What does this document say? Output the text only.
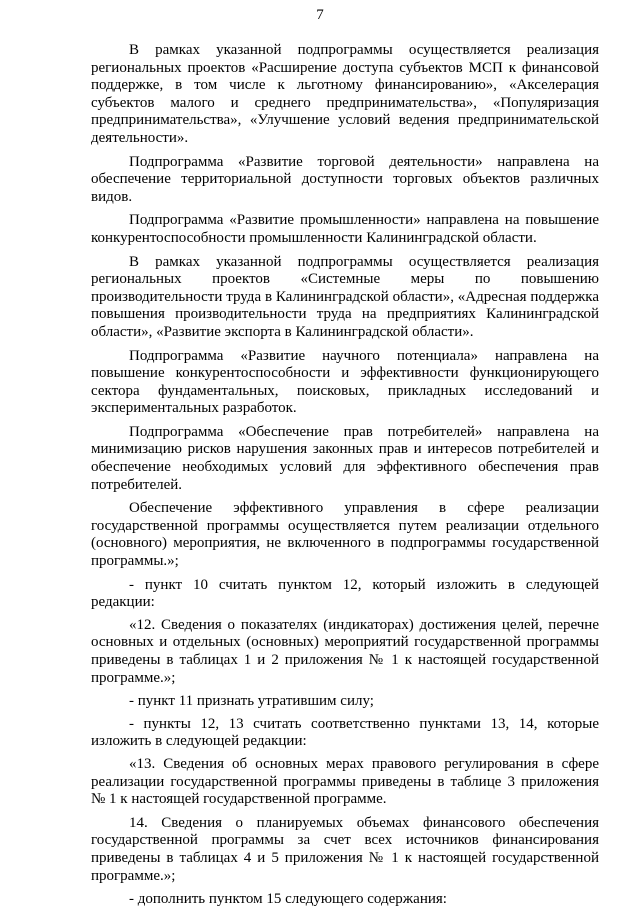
7

В рамках указанной подпрограммы осуществляется реализация региональных проектов «Расширение доступа субъектов МСП к финансовой поддержке, в том числе к льготному финансированию», «Акселерация субъектов малого и среднего предпринимательства», «Популяризация предпринимательства», «Улучшение условий ведения предпринимательской деятельности».

Подпрограмма «Развитие торговой деятельности» направлена на обеспечение территориальной доступности торговых объектов различных видов.

Подпрограмма «Развитие промышленности» направлена на повышение конкурентоспособности промышленности Калининградской области.

В рамках указанной подпрограммы осуществляется реализация региональных проектов «Системные меры по повышению производительности труда в Калининградской области», «Адресная поддержка повышения производительности труда на предприятиях Калининградской области», «Развитие экспорта в Калининградской области».

Подпрограмма «Развитие научного потенциала» направлена на повышение конкурентоспособности и эффективности функционирующего сектора фундаментальных, поисковых, прикладных исследований и экспериментальных разработок.

Подпрограмма «Обеспечение прав потребителей» направлена на минимизацию рисков нарушения законных прав и интересов потребителей и обеспечение необходимых условий для эффективного обеспечения прав потребителей.

Обеспечение эффективного управления в сфере реализации государственной программы осуществляется путем реализации отдельного (основного) мероприятия, не включенного в подпрограммы государственной программы.»;

- пункт 10 считать пунктом 12, который изложить в следующей редакции:

«12. Сведения о показателях (индикаторах) достижения целей, перечне основных и отдельных (основных) мероприятий государственной программы приведены в таблицах 1 и 2 приложения № 1 к настоящей государственной программе.»;

- пункт 11 признать утратившим силу;

- пункты 12, 13 считать соответственно пунктами 13, 14, которые изложить в следующей редакции:

«13. Сведения об основных мерах правового регулирования в сфере реализации государственной программы приведены в таблице 3 приложения № 1 к настоящей государственной программе.

14. Сведения о планируемых объемах финансового обеспечения государственной программы за счет всех источников финансирования приведены в таблицах 4 и 5 приложения № 1 к настоящей государственной программе.»;

- дополнить пунктом 15 следующего содержания:
